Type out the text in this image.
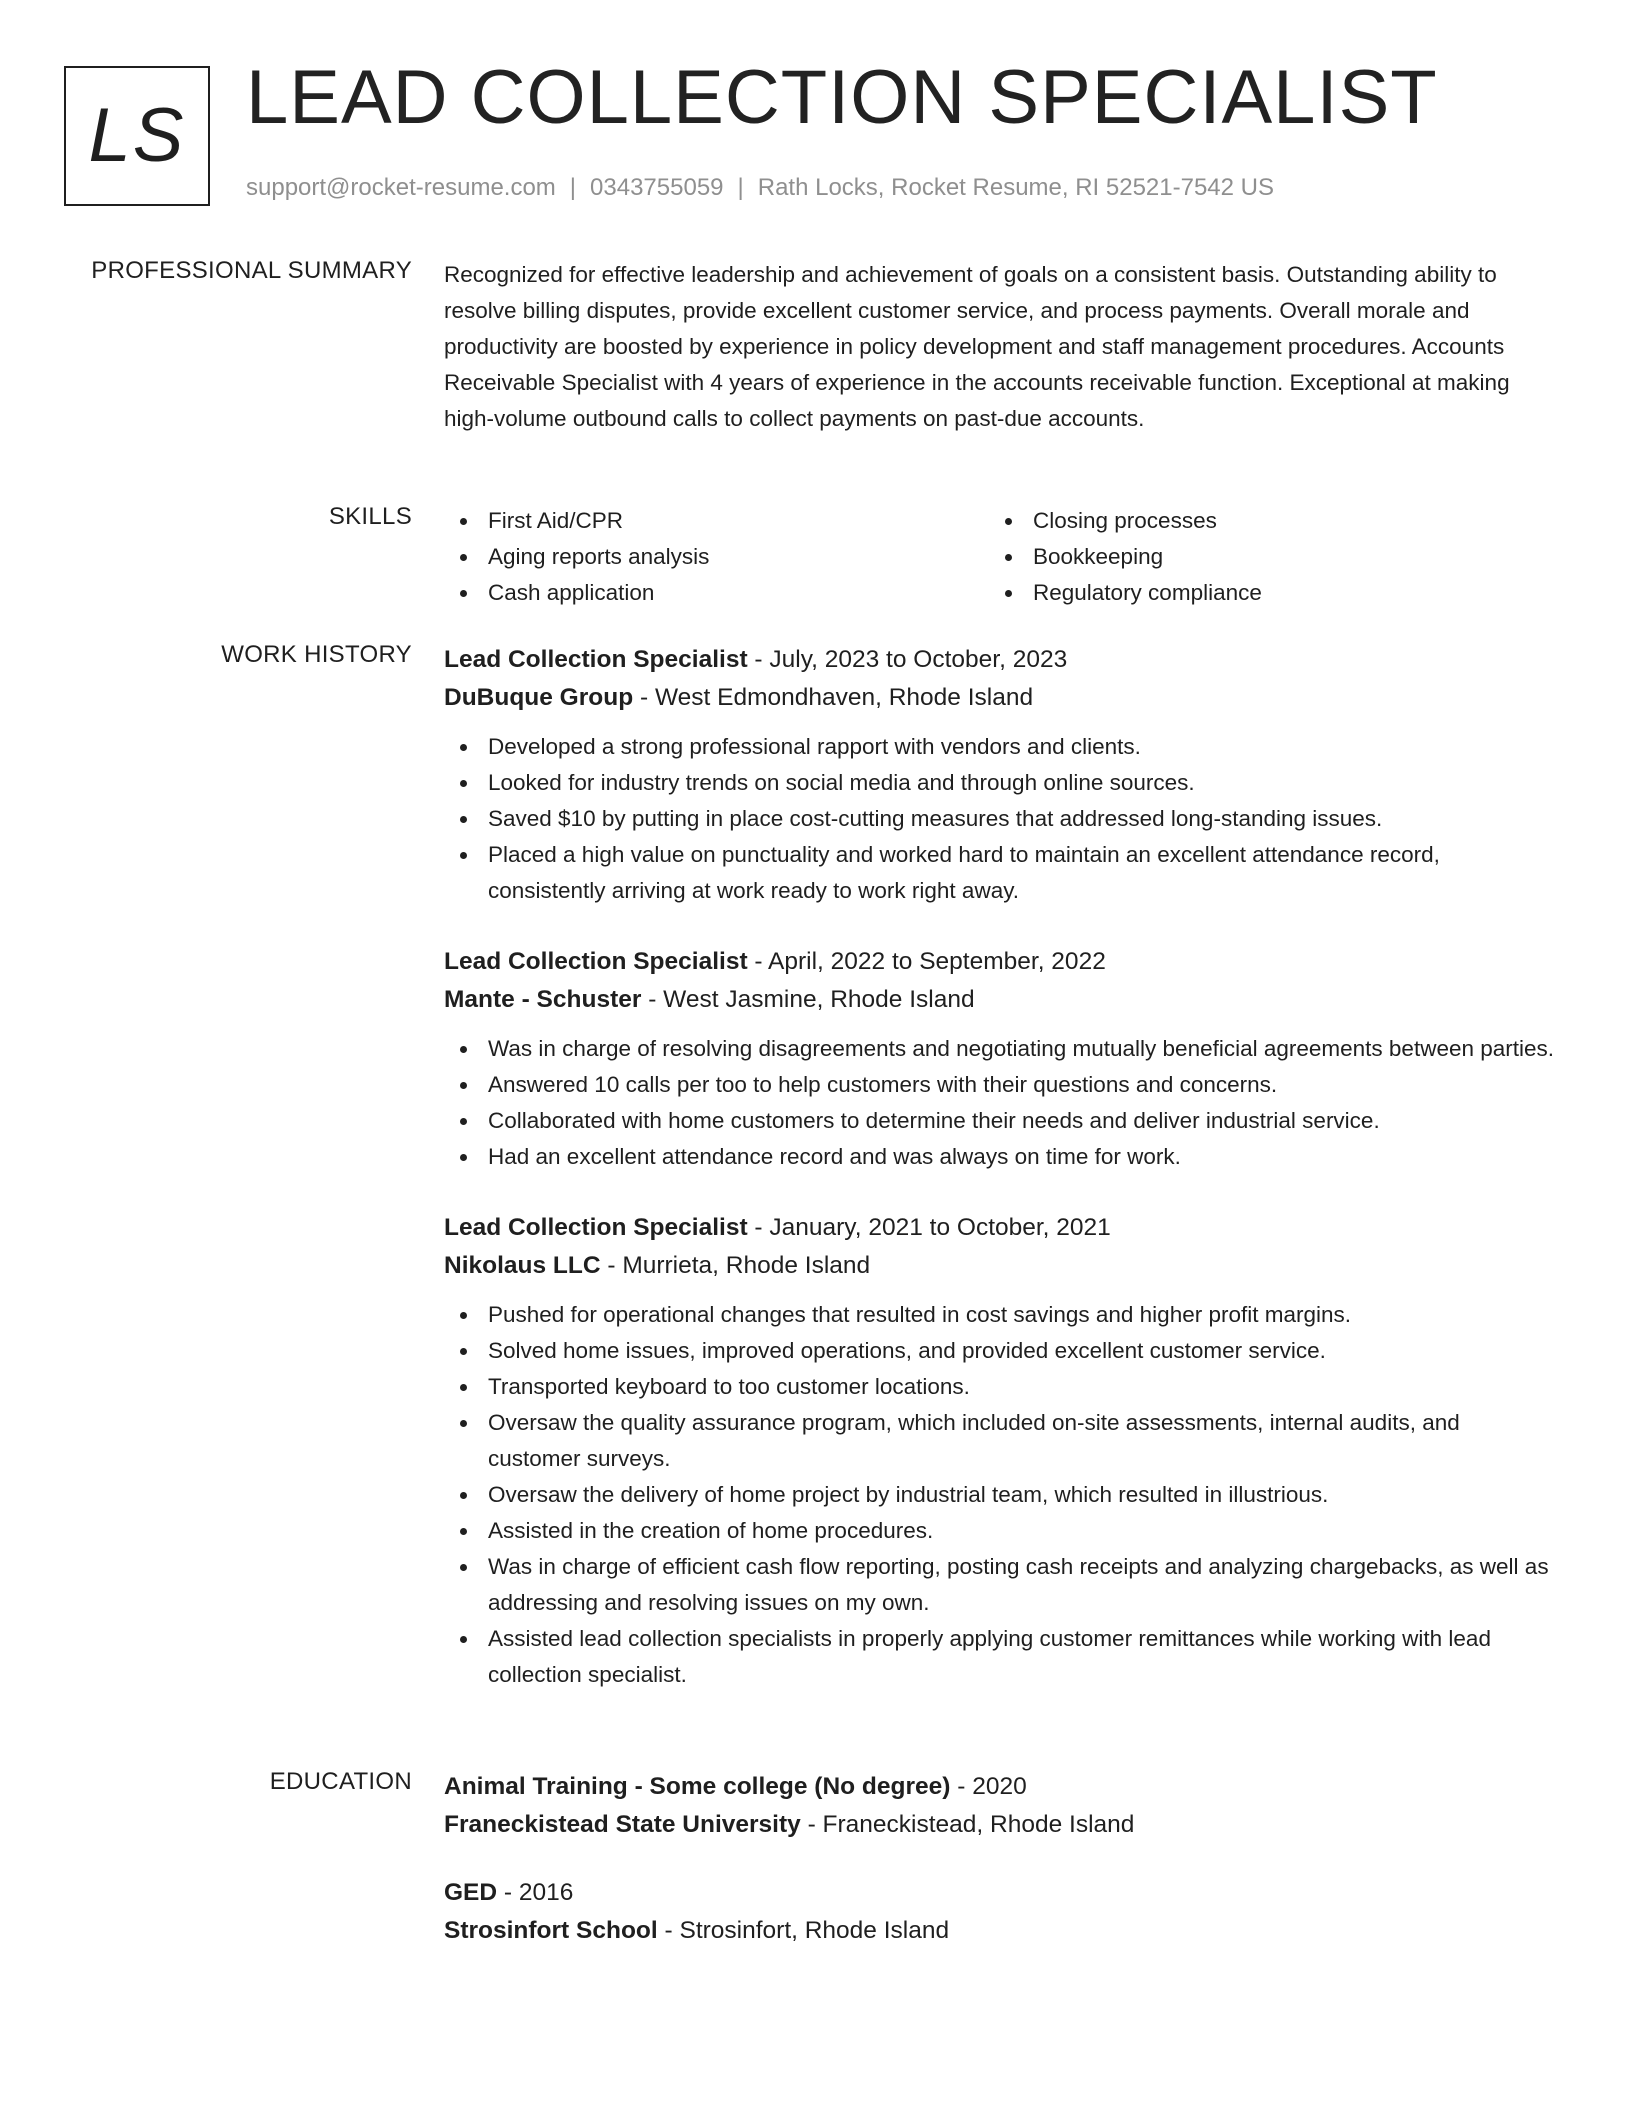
LS LEAD COLLECTION SPECIALIST
support@rocket-resume.com | 0343755059 | Rath Locks, Rocket Resume, RI 52521-7542 US
PROFESSIONAL SUMMARY Recognized for effective leadership and achievement of goals on a consistent basis. Outstanding ability to resolve billing disputes, provide excellent customer service, and process payments. Overall morale and productivity are boosted by experience in policy development and staff management procedures. Accounts Receivable Specialist with 4 years of experience in the accounts receivable function. Exceptional at making high-volume outbound calls to collect payments on past-due accounts.

SKILLS	First Aid/CPR	Closing processes
Aging reports analysis	Bookkeeping
Cash application	Regulatory compliance
WORK HISTORY Lead Collection Specialist - July, 2023 to October, 2023
DuBuque Group - West Edmondhaven, Rhode Island
Developed a strong professional rapport with vendors and clients.
Looked for industry trends on social media and through online sources.
Saved $10 by putting in place cost-cutting measures that addressed long-standing issues.
Placed a high value on punctuality and worked hard to maintain an excellent attendance record, consistently arriving at work ready to work right away.
Lead Collection Specialist - April, 2022 to September, 2022
Mante - Schuster - West Jasmine, Rhode Island
Was in charge of resolving disagreements and negotiating mutually beneficial agreements between parties.
Answered 10 calls per too to help customers with their questions and concerns.
Collaborated with home customers to determine their needs and deliver industrial service.
Had an excellent attendance record and was always on time for work.
Lead Collection Specialist - January, 2021 to October, 2021
Nikolaus LLC - Murrieta, Rhode Island
Pushed for operational changes that resulted in cost savings and higher profit margins.
Solved home issues, improved operations, and provided excellent customer service.
Transported keyboard to too customer locations.
Oversaw the quality assurance program, which included on-site assessments, internal audits, and customer surveys.
Oversaw the delivery of home project by industrial team, which resulted in illustrious.
Assisted in the creation of home procedures.
Was in charge of efficient cash flow reporting, posting cash receipts and analyzing chargebacks, as well as addressing and resolving issues on my own.
Assisted lead collection specialists in properly applying customer remittances while working with lead collection specialist.
EDUCATION Animal Training - Some college (No degree) - 2020
Franeckistead State University - Franeckistead, Rhode Island
GED - 2016
Strosinfort School - Strosinfort, Rhode Island
